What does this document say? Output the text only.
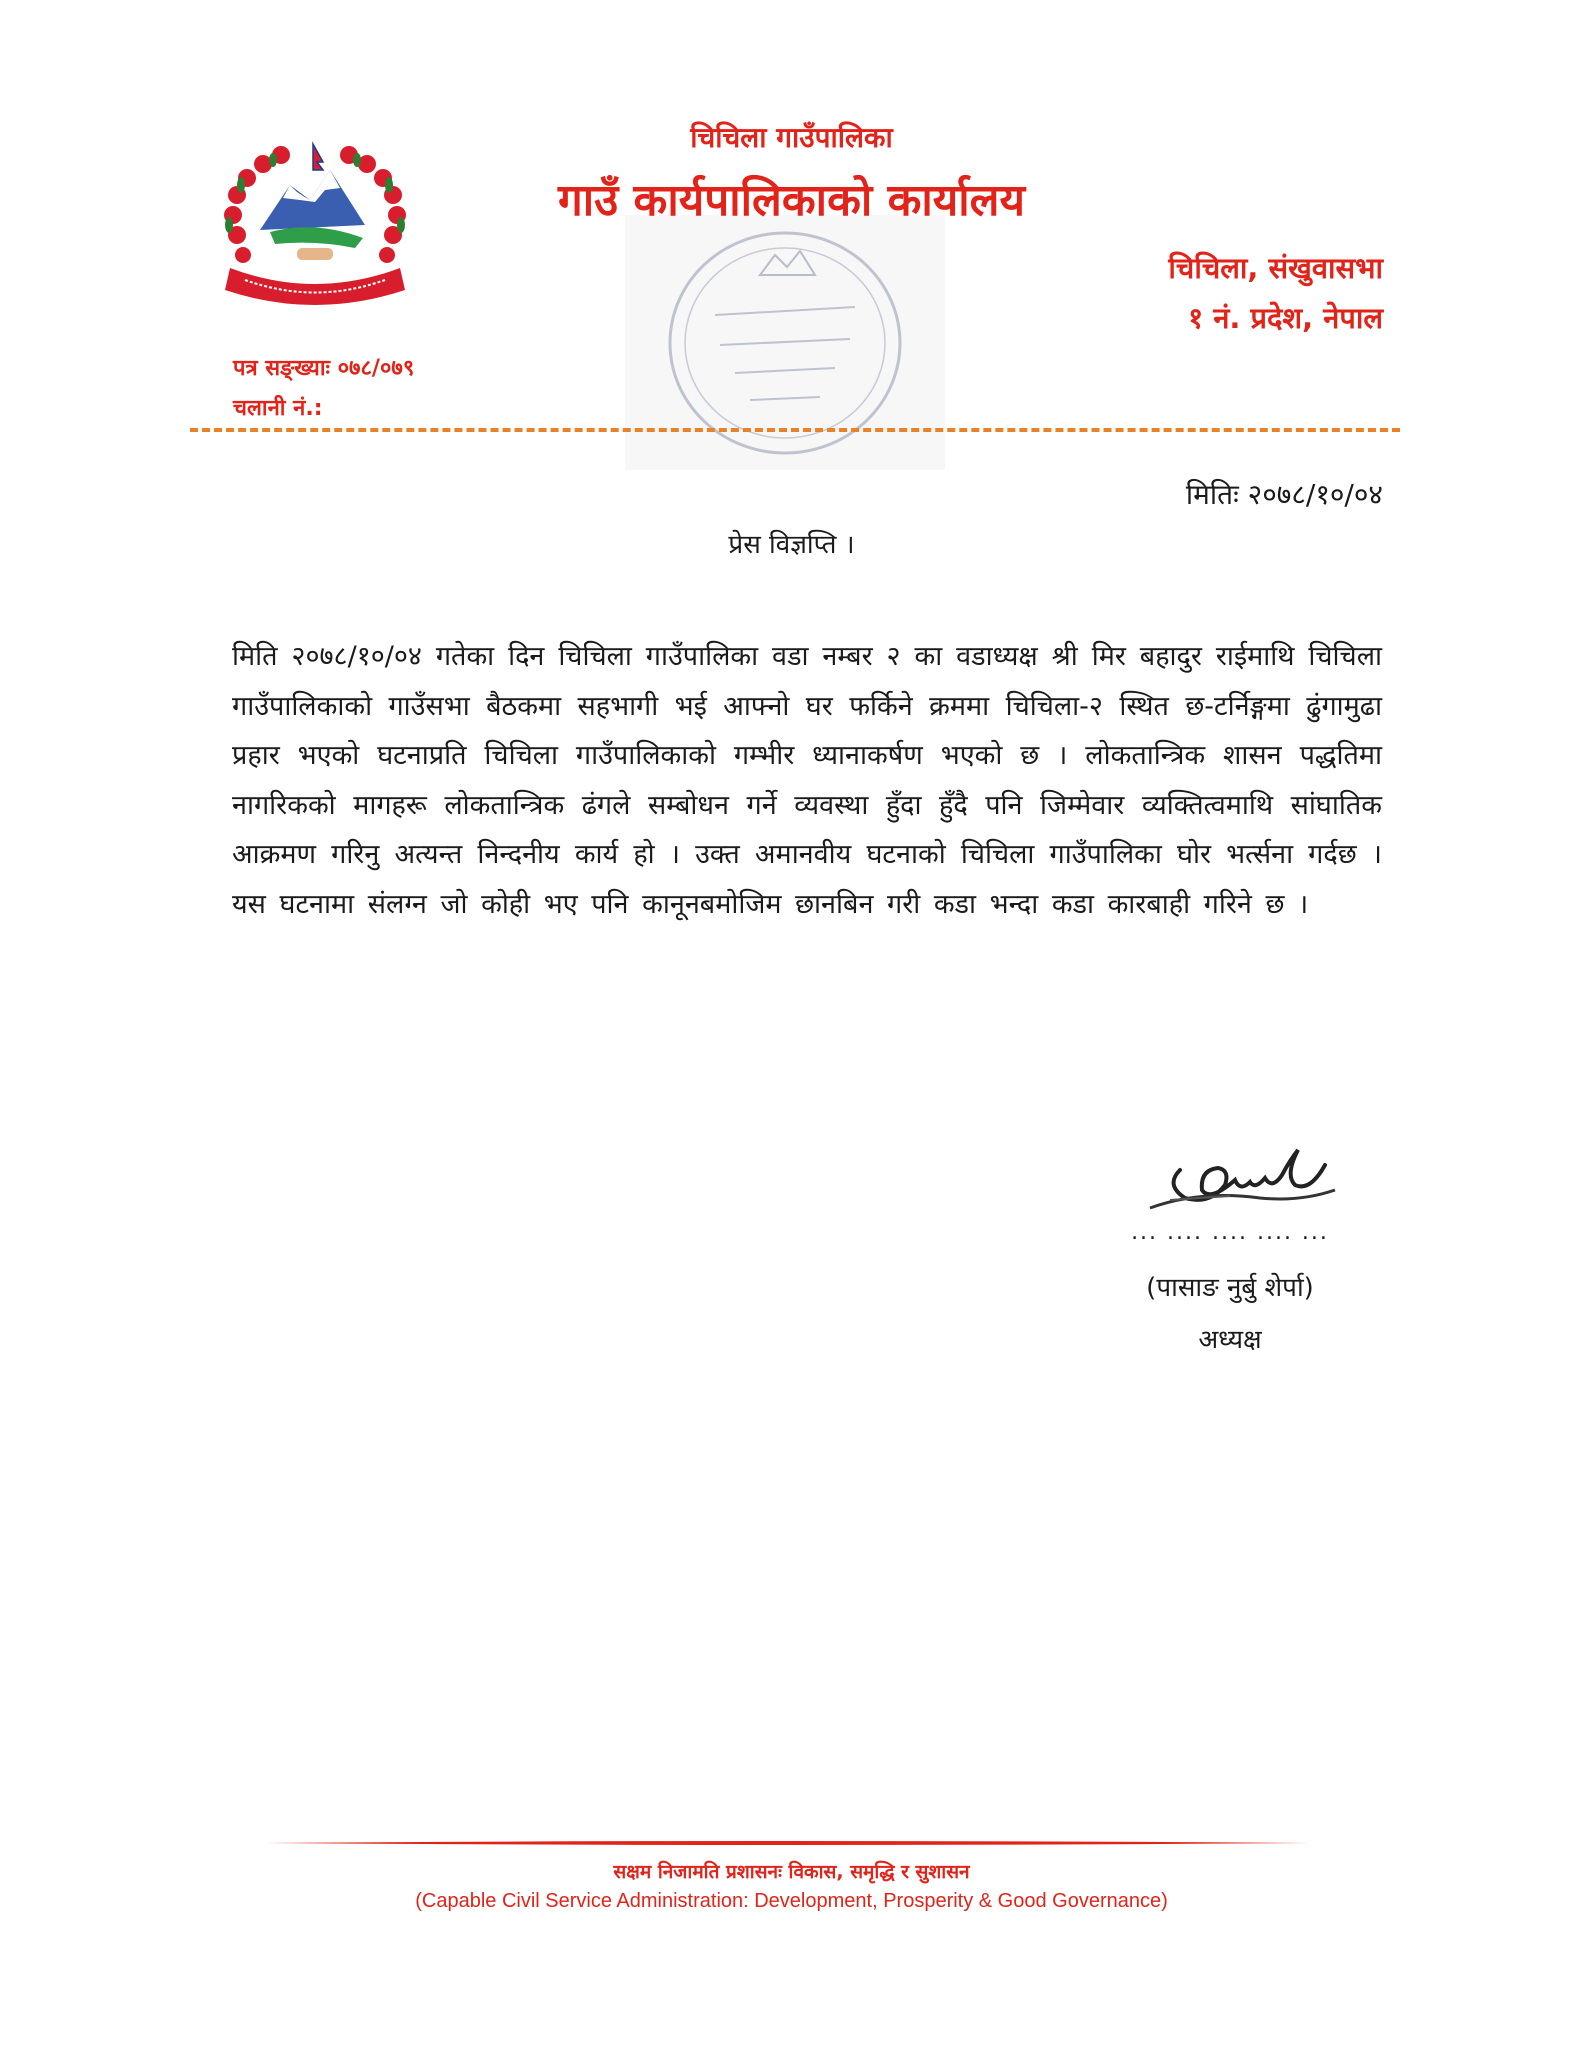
चिचिला गाउँपालिका
गाउँ कार्यपालिकाको कार्यालय
चिचिला, संखुवासभा
१ नं. प्रदेश, नेपाल
पत्र सङ्ख्याः ०७८/०७९
चलानी नं.:
मितिः २०७८/१०/०४
प्रेस विज्ञप्ति ।
मिति २०७८/१०/०४ गतेका दिन चिचिला गाउँपालिका वडा नम्बर २ का वडाध्यक्ष श्री मिर बहादुर राईमाथि चिचिला गाउँपालिकाको गाउँसभा बैठकमा सहभागी भई आफ्नो घर फर्किने क्रममा चिचिला-२ स्थित छ-टर्निङ्गमा ढुंगामुढा प्रहार भएको घटनाप्रति चिचिला गाउँपालिकाको गम्भीर ध्यानाकर्षण भएको छ । लोकतान्त्रिक शासन पद्धतिमा नागरिकको मागहरू लोकतान्त्रिक ढंगले सम्बोधन गर्ने व्यवस्था हुँदा हुँदै पनि जिम्मेवार व्यक्तित्वमाथि सांघातिक आक्रमण गरिनु अत्यन्त निन्दनीय कार्य हो । उक्त अमानवीय घटनाको चिचिला गाउँपालिका घोर भर्त्सना गर्दछ । यस घटनामा संलग्न जो कोही भए पनि कानूनबमोजिम छानबिन गरी कडा भन्दा कडा कारबाही गरिने छ ।
... .... .... .... ...
(पासाङ नुर्बु शेर्पा)
अध्यक्ष
सक्षम निजामति प्रशासनः विकास, समृद्धि र सुशासन
(Capable Civil Service Administration: Development, Prosperity & Good Governance)
